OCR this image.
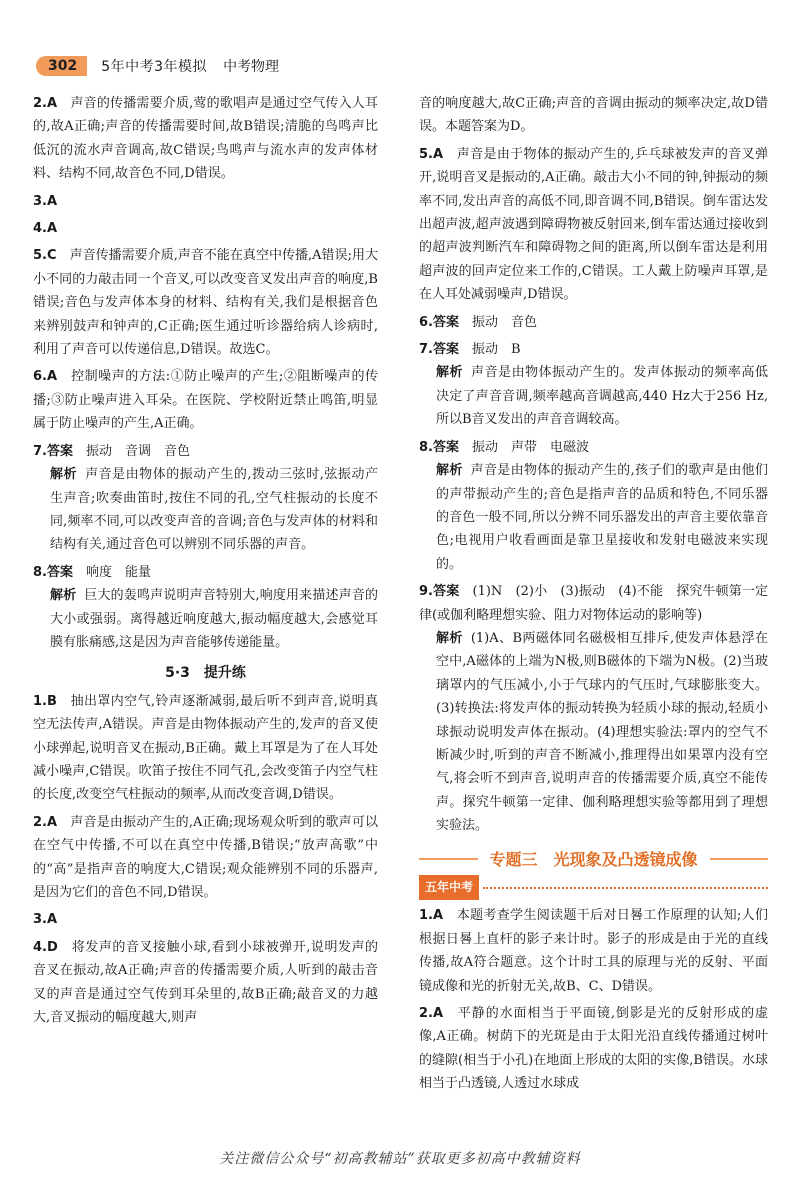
302	5年中考3年模拟 中考物理
2.A　 声音的传播需要介质,莺的歌唱声是通过空气传入人耳的,故A正确;声音的传播需要时间,故B错误;清脆的鸟鸣声比低沉的流水声音调高,故C错误;鸟鸣声与流水声的发声体材料、结构不同,故音色不同,D错误。
3.A　
4.A　
5.C　 声音传播需要介质,声音不能在真空中传播,A错误;用大小不同的力敲击同一个音叉,可以改变音叉发出声音的响度,B错误;音色与发声体本身的材料、结构有关,我们是根据音色来辨别鼓声和钟声的,C正确;医生通过听诊器给病人诊病时,利用了声音可以传递信息,D错误。故选C。
6.A　 控制噪声的方法:①防止噪声的产生;②阻断噪声的传播;③防止噪声进入耳朵。在医院、学校附近禁止鸣笛,明显属于防止噪声的产生,A正确。
7.答案　 振动　音调　音色
解析 声音是由物体的振动产生的,拨动三弦时,弦振动产生声音;吹奏曲笛时,按住不同的孔,空气柱振动的长度不同,频率不同,可以改变声音的音调;音色与发声体的材料和结构有关,通过音色可以辨别不同乐器的声音。
8.答案　 响度　能量
解析 巨大的轰鸣声说明声音特别大,响度用来描述声音的大小或强弱。离得越近响度越大,振动幅度越大,会感觉耳膜有胀痛感,这是因为声音能够传递能量。
5·3　提升练
1.B　 抽出罩内空气,铃声逐渐减弱,最后听不到声音,说明真空无法传声,A错误。声音是由物体振动产生的,发声的音叉使小球弹起,说明音叉在振动,B正确。戴上耳罩是为了在人耳处减小噪声,C错误。吹笛子按住不同气孔,会改变笛子内空气柱的长度,改变空气柱振动的频率,从而改变音调,D错误。
2.A　 声音是由振动产生的,A正确;现场观众听到的歌声可以在空气中传播,不可以在真空中传播,B错误;“放声高歌”中的“高”是指声音的响度大,C错误;观众能辨别不同的乐器声,是因为它们的音色不同,D错误。
3.A　
4.D　 将发声的音叉接触小球,看到小球被弹开,说明发声的音叉在振动,故A正确;声音的传播需要介质,人听到的敲击音叉的声音是通过空气传到耳朵里的,故B正确;敲音叉的力越大,音叉振动的幅度越大,则声
音的响度越大,故C正确;声音的音调由振动的频率决定,故D错误。本题答案为D。
5.A　 声音是由于物体的振动产生的,乒乓球被发声的音叉弹开,说明音叉是振动的,A正确。敲击大小不同的钟,钟振动的频率不同,发出声音的高低不同,即音调不同,B错误。倒车雷达发出超声波,超声波遇到障碍物被反射回来,倒车雷达通过接收到的超声波判断汽车和障碍物之间的距离,所以倒车雷达是利用超声波的回声定位来工作的,C错误。工人戴上防噪声耳罩,是在人耳处减弱噪声,D错误。
6.答案　 振动　音色
7.答案　 振动　B
解析 声音是由物体振动产生的。发声体振动的频率高低决定了声音音调,频率越高音调越高,440 Hz大于256 Hz,所以B音叉发出的声音音调较高。
8.答案　 振动　声带　电磁波
解析 声音是由物体的振动产生的,孩子们的歌声是由他们的声带振动产生的;音色是指声音的品质和特色,不同乐器的音色一般不同,所以分辨不同乐器发出的声音主要依靠音色;电视用户收看画面是靠卫星接收和发射电磁波来实现的。
9.答案　 (1)N　(2)小　(3)振动　(4)不能　探究牛顿第一定律(或伽利略理想实验、阻力对物体运动的影响等)
解析 (1)A、B两磁体同名磁极相互排斥,使发声体悬浮在空中,A磁体的上端为N极,则B磁体的下端为N极。(2)当玻璃罩内的气压减小,小于气球内的气压时,气球膨胀变大。(3)转换法:将发声体的振动转换为轻质小球的振动,轻质小球振动说明发声体在振动。(4)理想实验法:罩内的空气不断减少时,听到的声音不断减小,推理得出如果罩内没有空气,将会听不到声音,说明声音的传播需要介质,真空不能传声。探究牛顿第一定律、伽利略理想实验等都用到了理想实验法。
专题三　光现象及凸透镜成像
五年中考
1.A　 本题考查学生阅读题干后对日晷工作原理的认知;人们根据日晷上直杆的影子来计时。影子的形成是由于光的直线传播,故A符合题意。这个计时工具的原理与光的反射、平面镜成像和光的折射无关,故B、C、D错误。
2.A　 平静的水面相当于平面镜,倒影是光的反射形成的虚像,A正确。树荫下的光斑是由于太阳光沿直线传播通过树叶的缝隙(相当于小孔)在地面上形成的太阳的实像,B错误。水球相当于凸透镜,人透过水球成
关注微信公众号“初高教辅站”获取更多初高中教辅资料
